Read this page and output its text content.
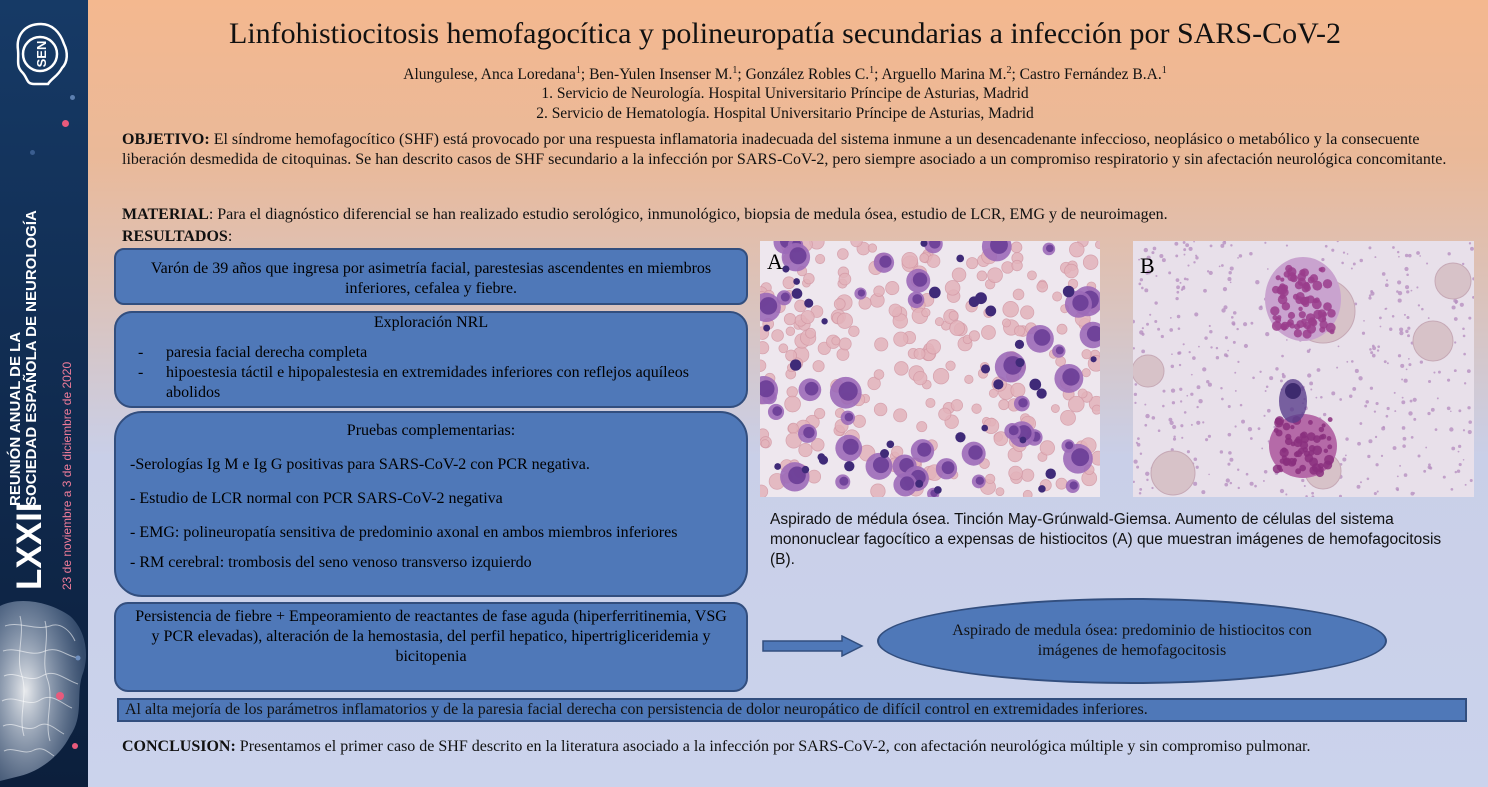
SEN
LXXII
REUNIÓN ANUAL DE LA
SOCIEDAD ESPAÑOLA DE NEUROLOGÍA 23 de noviembre a 3 de diciembre de 2020
Linfohistiocitosis hemofagocítica y polineuropatía secundarias a infección por SARS-CoV-2
Alungulese, Anca Loredana$^1$; Ben-Yulen Insenser M.$^1$; González Robles C.$^1$; Arguello Marina M.$^2$; Castro Fernández B.A.$^1$
1. Servicio de Neurología. Hospital Universitario Príncipe de Asturias, Madrid
2. Servicio de Hematología. Hospital Universitario Príncipe de Asturias, Madrid
OBJETIVO: El síndrome hemofagocítico (SHF) está provocado por una respuesta inflamatoria inadecuada del sistema inmune a un desencadenante infeccioso, neoplásico o metabólico y la consecuente liberación desmedida de citoquinas. Se han descrito casos de SHF secundario a la infección por SARS-CoV-2, pero siempre asociado a un compromiso respiratorio y sin afectación neurológica concomitante.
MATERIAL: Para el diagnóstico diferencial se han realizado estudio serológico, inmunológico, biopsia de medula ósea, estudio de LCR, EMG y de neuroimagen.
RESULTADOS:
Varón de 39 años que ingresa por asimetría facial, parestesias ascendentes en miembros inferiores, cefalea y fiebre.
Exploración NRL
- paresia facial derecha completa
- hipoestesia táctil e hipopalestesia en extremidades inferiores con reflejos aquíleos abolidos
Pruebas complementarias:
-Serologías Ig M e Ig G positivas para SARS-CoV-2 con PCR negativa.
- Estudio de LCR normal con PCR SARS-CoV-2 negativa
- EMG: polineuropatía sensitiva de predominio axonal en ambos miembros inferiores
- RM cerebral: trombosis del seno venoso transverso izquierdo
Persistencia de fiebre + Empeoramiento de reactantes de fase aguda (hiperferritinemia, VSG y PCR elevadas), alteración de la hemostasia, del perfil hepatico, hipertrigliceridemia y bicitopenia
Aspirado de medula ósea: predominio de histiocitos con imágenes de hemofagocitosis
A	B
Aspirado de médula ósea. Tinción May-Grúnwald-Giemsa. Aumento de células del sistema mononuclear fagocítico a expensas de histiocitos (A) que muestran imágenes de hemofagocitosis (B).
Al alta mejoría de los parámetros inflamatorios y de la paresia facial derecha con persistencia de dolor neuropático de difícil control en extremidades inferiores.
CONCLUSION: Presentamos el primer caso de SHF descrito en la literatura asociado a la infección por SARS-CoV-2, con afectación neurológica múltiple y sin compromiso pulmonar.
